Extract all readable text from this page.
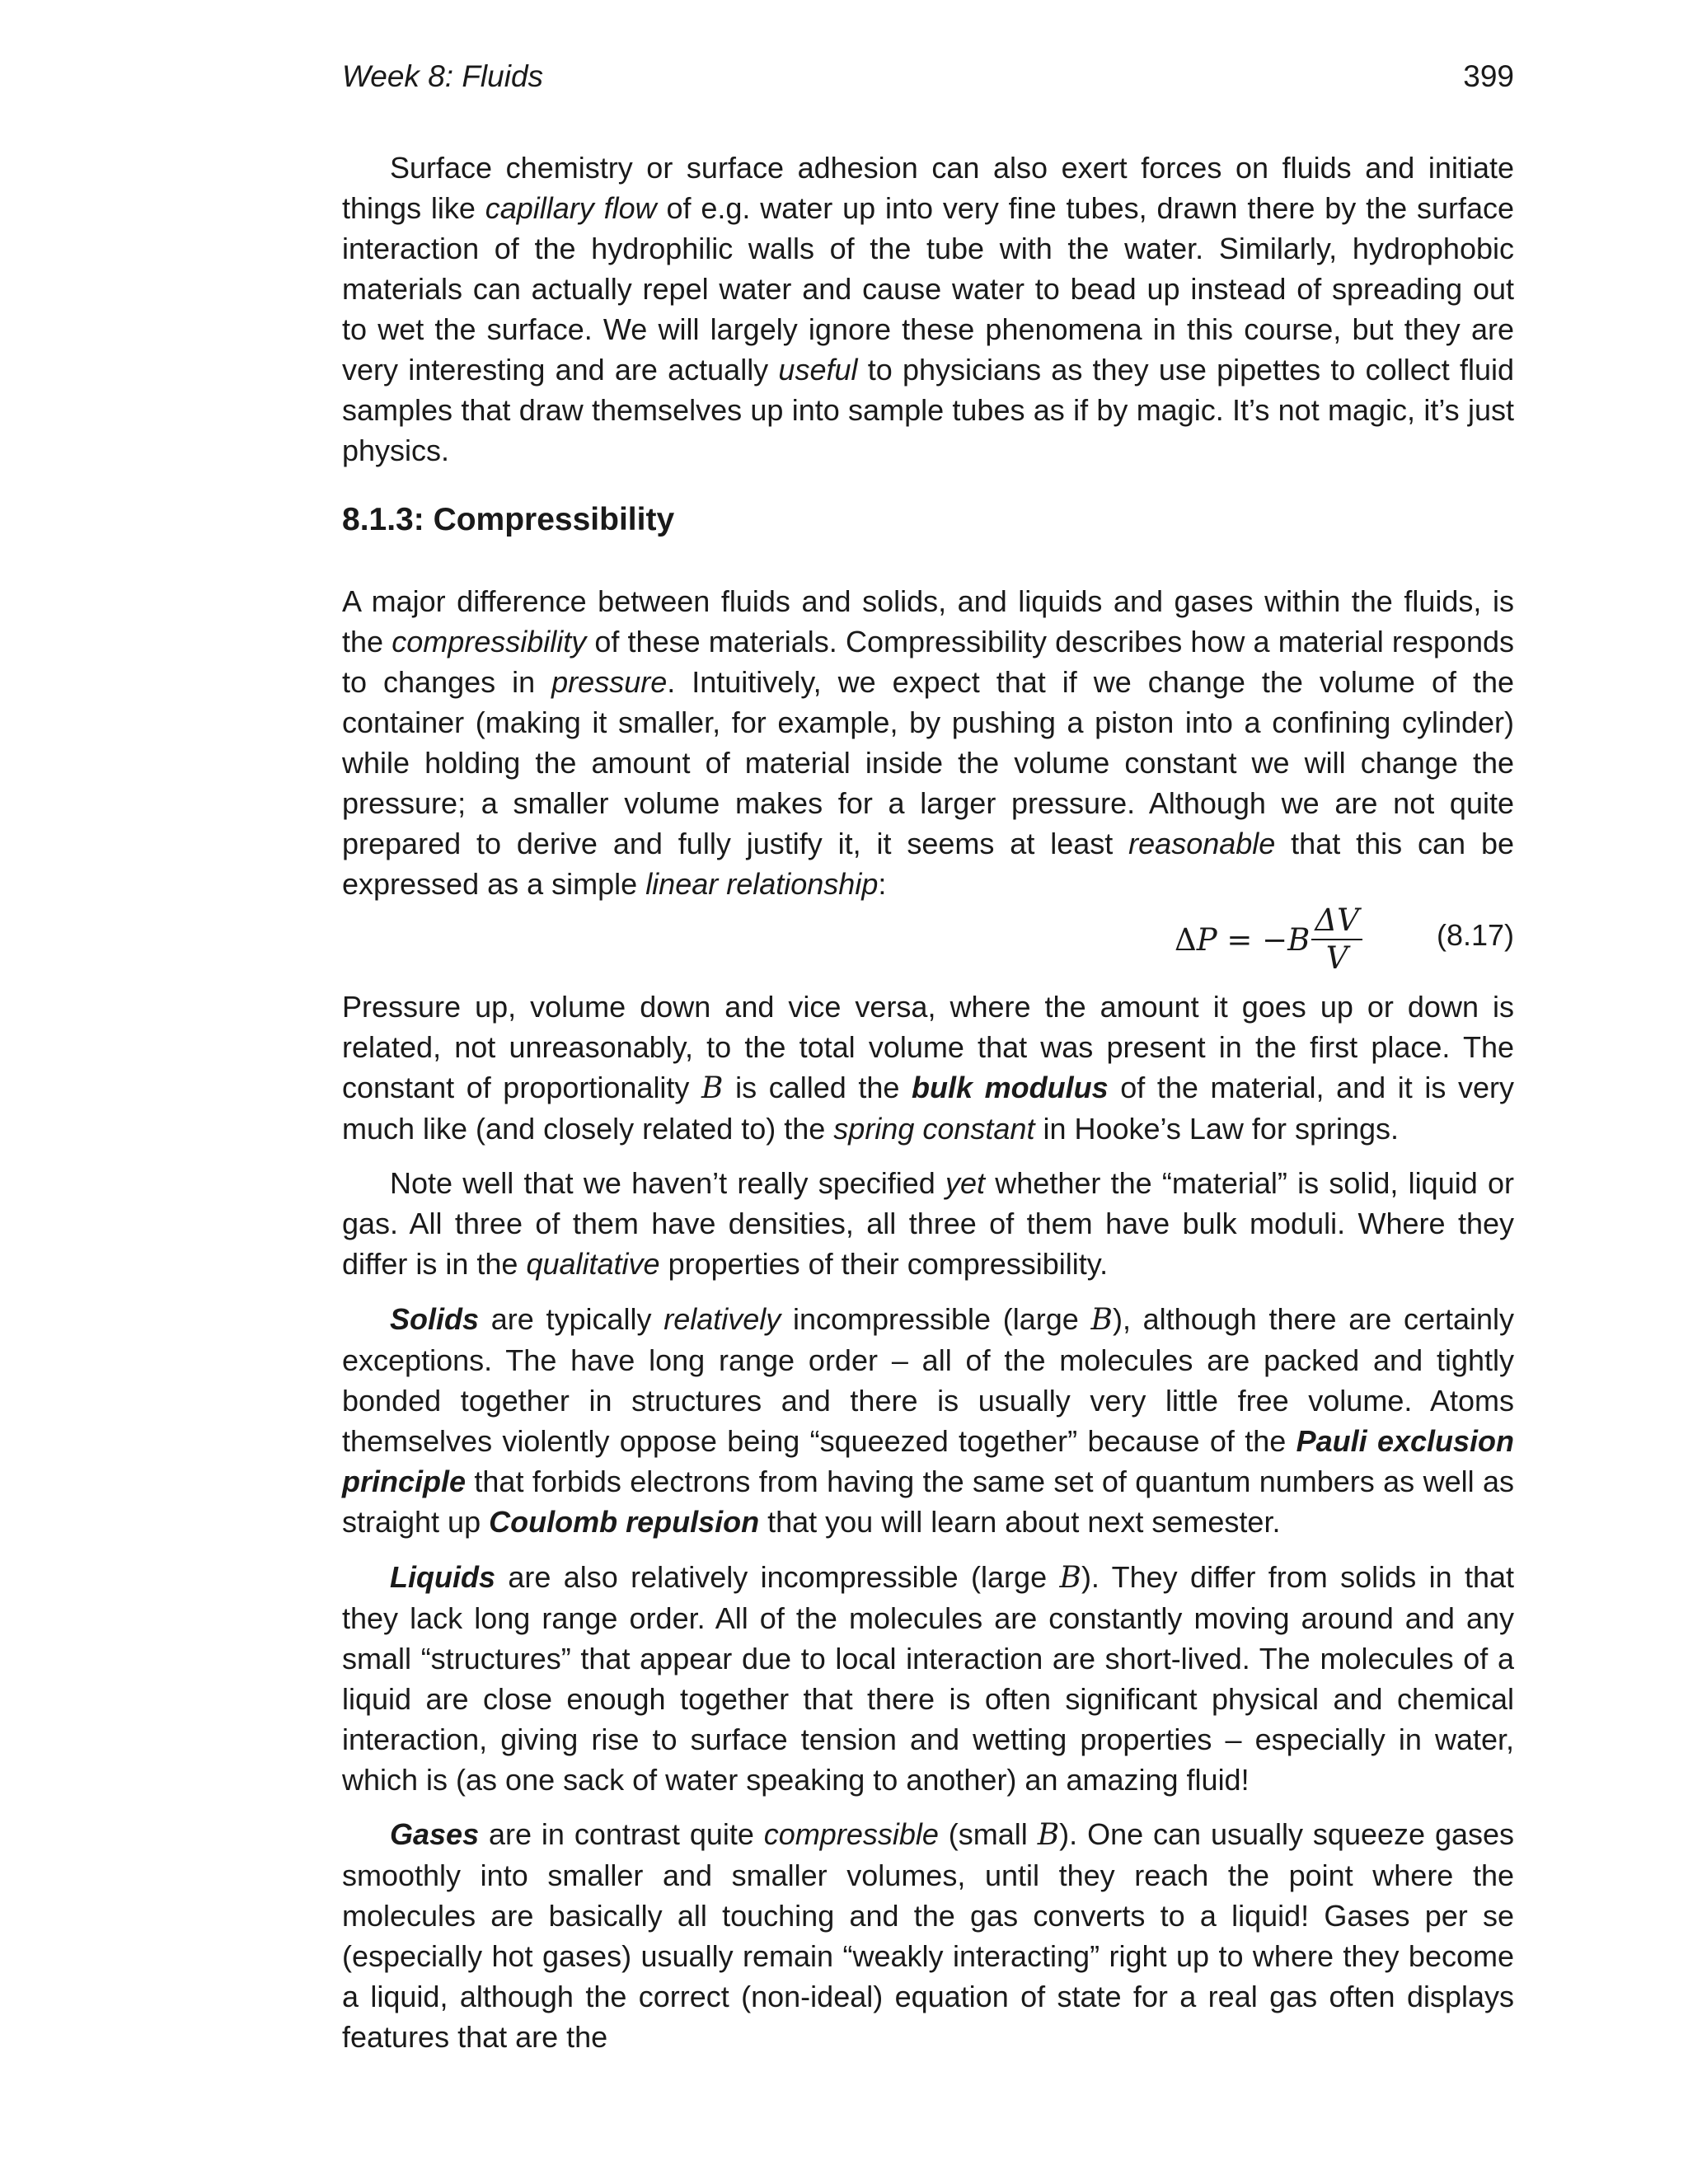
Week 8: Fluids	399

Surface chemistry or surface adhesion can also exert forces on fluids and initiate things like capillary flow of e.g. water up into very fine tubes, drawn there by the surface interaction of the hydrophilic walls of the tube with the water. Similarly, hydrophobic materials can actually repel water and cause water to bead up instead of spreading out to wet the surface. We will largely ignore these phenomena in this course, but they are very interesting and are actually useful to physicians as they use pipettes to collect fluid samples that draw themselves up into sample tubes as if by magic. It’s not magic, it’s just physics.

8.1.3: Compressibility

A major difference between fluids and solids, and liquids and gases within the fluids, is the compressibility of these materials. Compressibility describes how a material responds to changes in pressure. Intuitively, we expect that if we change the volume of the container (making it smaller, for example, by pushing a piston into a confining cylinder) while holding the amount of material inside the volume constant we will change the pressure; a smaller volume makes for a larger pressure. Although we are not quite prepared to derive and fully justify it, it seems at least reasonable that this can be expressed as a simple linear relationship:

Δ P = − B $\frac{\Delta V}{V}$	(8.17)

Pressure up, volume down and vice versa, where the amount it goes up or down is related, not unreasonably, to the total volume that was present in the first place. The constant of proportionality B is called the bulk modulus of the material, and it is very much like (and closely related to) the spring constant in Hooke’s Law for springs.

Note well that we haven’t really specified yet whether the “material” is solid, liquid or gas. All three of them have densities, all three of them have bulk moduli. Where they differ is in the qualitative properties of their compressibility.

Solids are typically relatively incompressible (large B), although there are certainly exceptions. The have long range order – all of the molecules are packed and tightly bonded together in structures and there is usually very little free volume. Atoms themselves violently oppose being “squeezed together” because of the Pauli exclusion principle that forbids electrons from having the same set of quantum numbers as well as straight up Coulomb repulsion that you will learn about next semester.

Liquids are also relatively incompressible (large B). They differ from solids in that they lack long range order. All of the molecules are constantly moving around and any small “structures” that appear due to local interaction are short-lived. The molecules of a liquid are close enough together that there is often significant physical and chemical interaction, giving rise to surface tension and wetting properties – especially in water, which is (as one sack of water speaking to another) an amazing fluid!

Gases are in contrast quite compressible (small B). One can usually squeeze gases smoothly into smaller and smaller volumes, until they reach the point where the molecules are basically all touching and the gas converts to a liquid! Gases per se (especially hot gases) usually remain “weakly interacting” right up to where they become a liquid, although the correct (non-ideal) equation of state for a real gas often displays features that are the
